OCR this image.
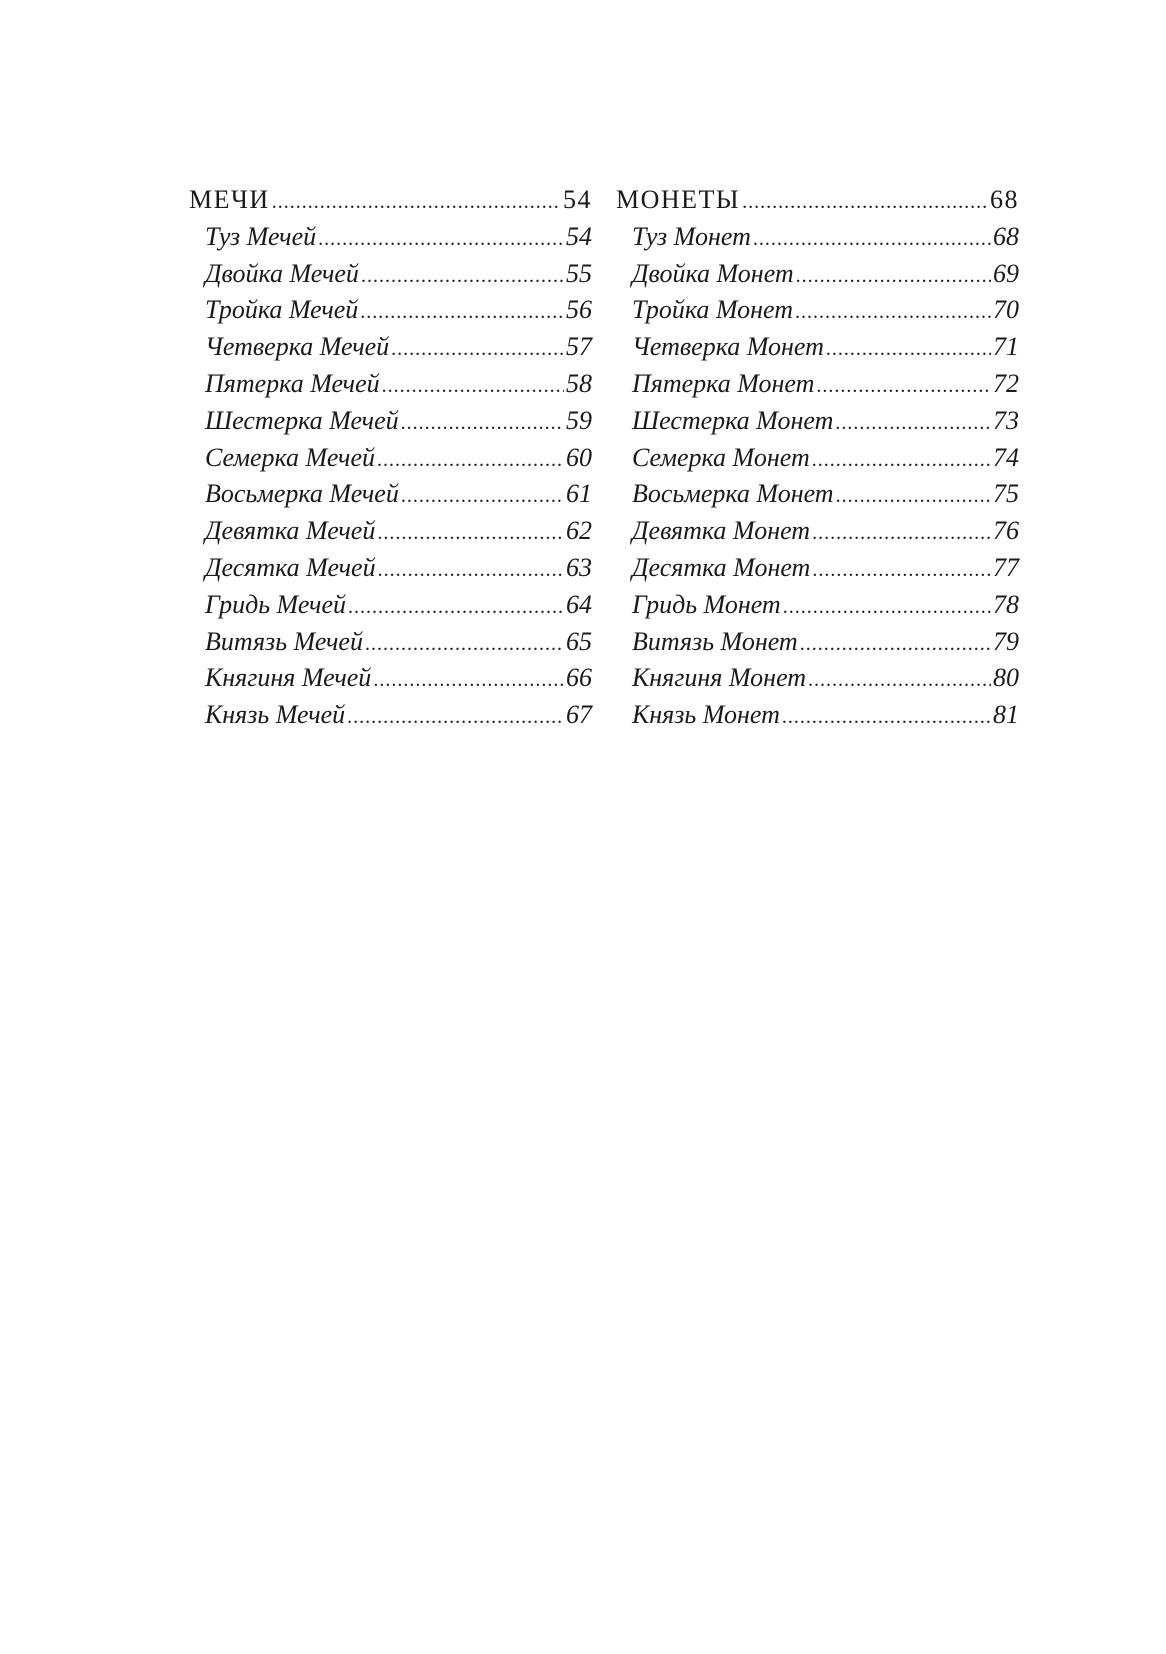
МЕЧИ .....	54
Туз Мечей .....	54
Двойка Мечей .....	55
Тройка Мечей .....	56
Четверка Мечей .....	57
Пятерка Мечей .....	58
Шестерка Мечей .....	59
Семерка Мечей .....	60
Восьмерка Мечей .....	61
Девятка Мечей .....	62
Десятка Мечей .....	63
Гридь Мечей .....	64
Витязь Мечей .....	65
Княгиня Мечей .....	66
Князь Мечей .....	67
МОНЕТЫ .....	68
Туз Монет .....	68
Двойка Монет .....	69
Тройка Монет .....	70
Четверка Монет .....	71
Пятерка Монет .....	72
Шестерка Монет .....	73
Семерка Монет .....	74
Восьмерка Монет .....	75
Девятка Монет .....	76
Десятка Монет .....	77
Гридь Монет .....	78
Витязь Монет .....	79
Княгиня Монет .....	80
Князь Монет .....	81
